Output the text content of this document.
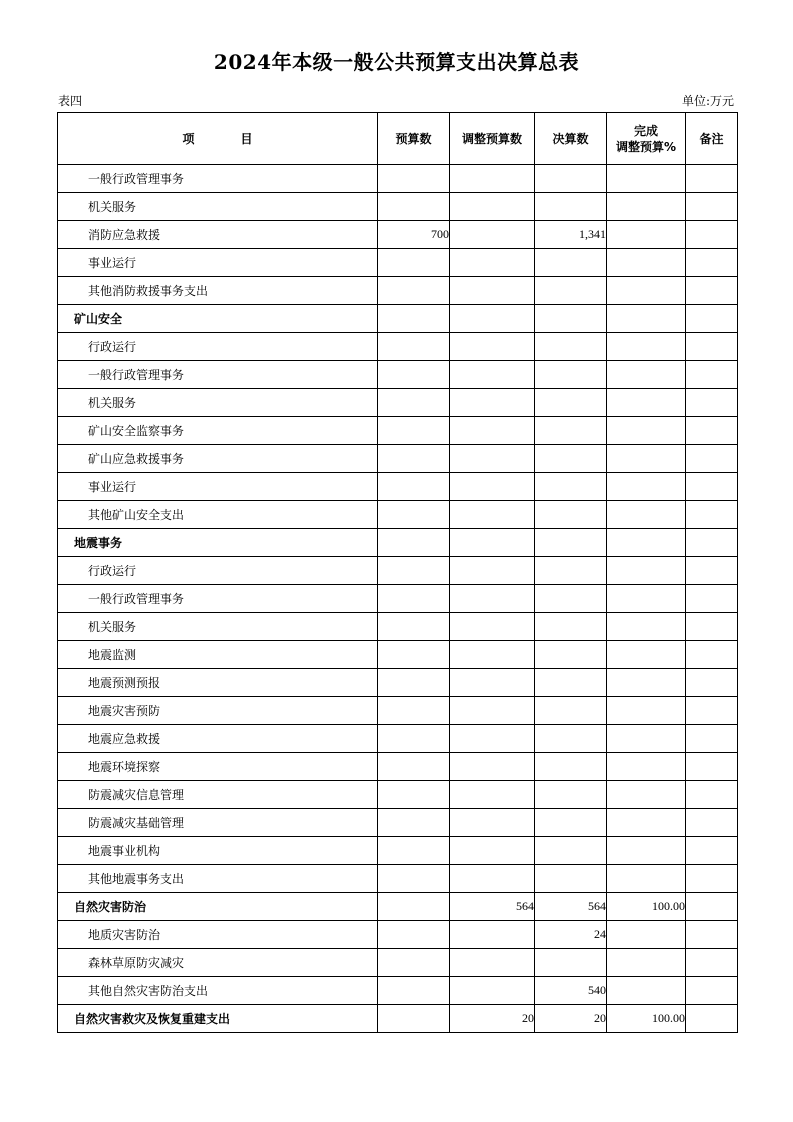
2024年本级一般公共预算支出决算总表
表四	单位:万元
项 目	预算数	调整预算数	决算数	完成
调整预算%	备注
一般行政管理事务					
机关服务					
消防应急救援	700		1,341		
事业运行					
其他消防救援事务支出					
矿山安全					
行政运行					
一般行政管理事务					
机关服务					
矿山安全监察事务					
矿山应急救援事务					
事业运行					
其他矿山安全支出					
地震事务					
行政运行					
一般行政管理事务					
机关服务					
地震监测					
地震预测预报					
地震灾害预防					
地震应急救援					
地震环境探察					
防震减灾信息管理					
防震减灾基础管理					
地震事业机构					
其他地震事务支出					
自然灾害防治		564	564	100.00	
地质灾害防治			24		
森林草原防灾减灾					
其他自然灾害防治支出			540		
自然灾害救灾及恢复重建支出		20	20	100.00	
